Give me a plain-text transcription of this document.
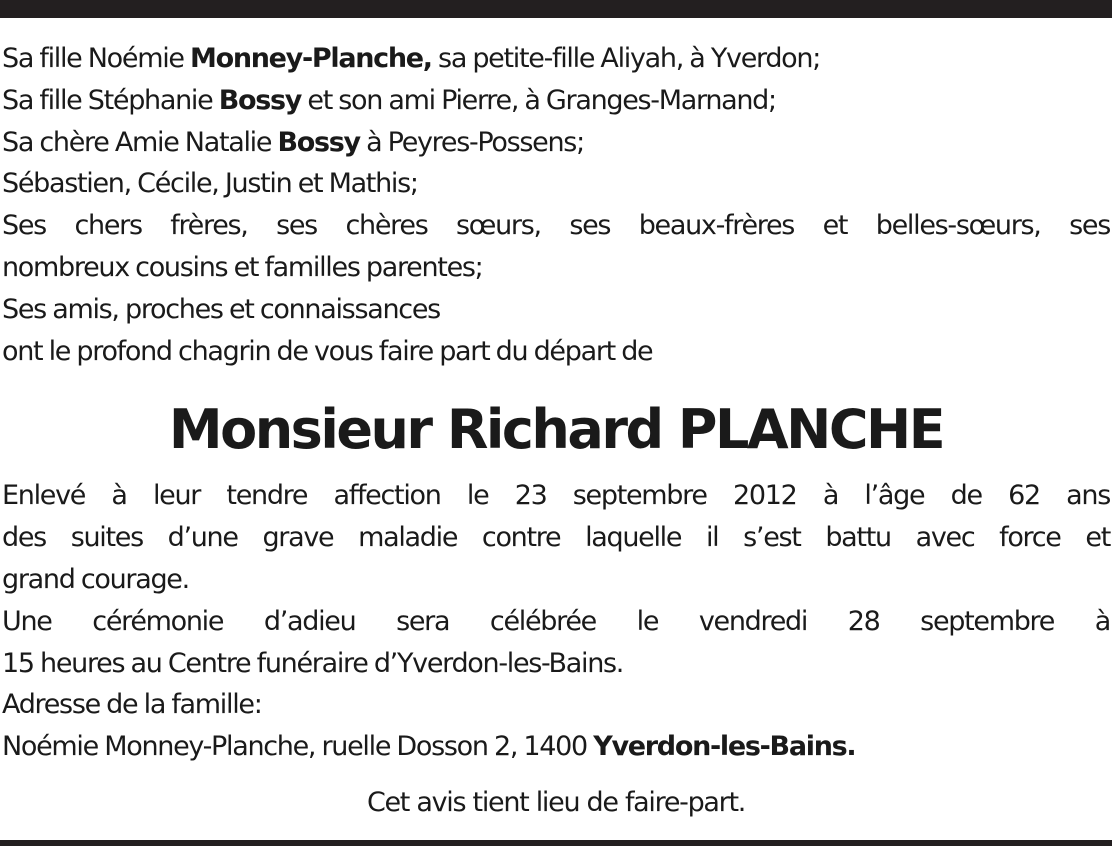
Sa fille Noémie Monney-Planche, sa petite-fille Aliyah, à Yverdon;
Sa fille Stéphanie Bossy et son ami Pierre, à Granges-Marnand;
Sa chère Amie Natalie Bossy à Peyres-Possens;
Sébastien, Cécile, Justin et Mathis;
Ses chers frères, ses chères sœurs, ses beaux-frères et belles-sœurs, ses
nombreux cousins et familles parentes;
Ses amis, proches et connaissances
ont le profond chagrin de vous faire part du départ de
Monsieur Richard PLANCHE
Enlevé à leur tendre affection le 23 septembre 2012 à l’âge de 62 ans
des suites d’une grave maladie contre laquelle il s’est battu avec force et
grand courage.
Une cérémonie d’adieu sera célébrée le vendredi 28 septembre à
15 heures au Centre funéraire d’Yverdon-les-Bains.
Adresse de la famille:
Noémie Monney-Planche, ruelle Dosson 2, 1400 Yverdon-les-Bains.
Cet avis tient lieu de faire-part.
